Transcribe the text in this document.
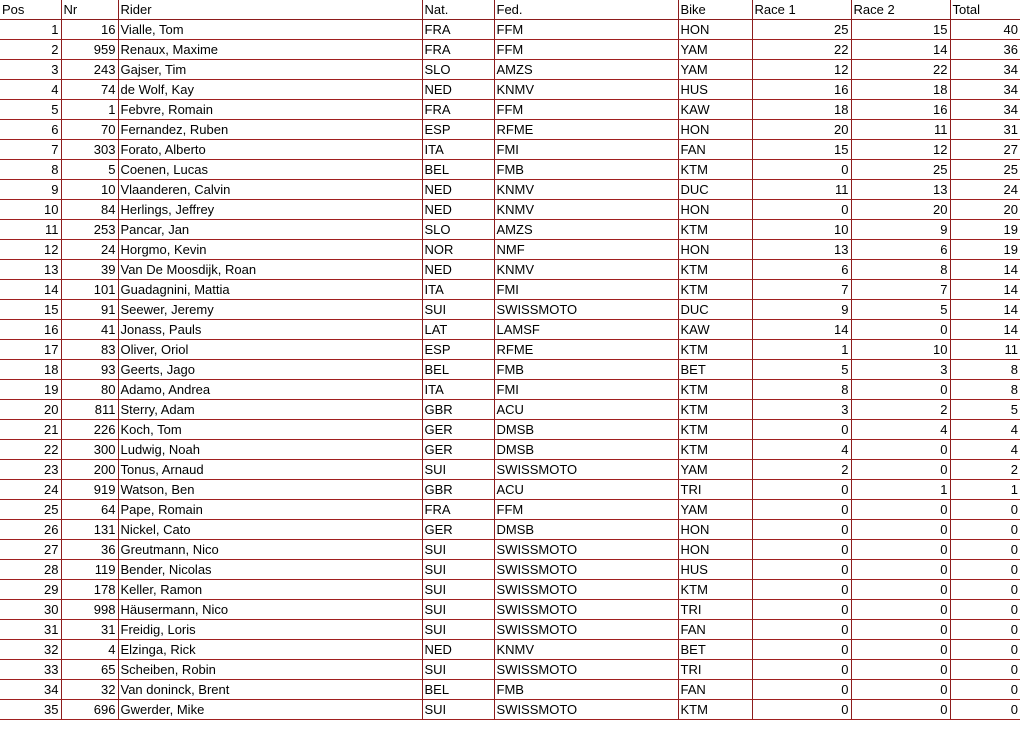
Pos	Nr	Rider	Nat.	Fed.	Bike	Race 1	Race 2	Total
1	16	Vialle, Tom	FRA	FFM	HON	25	15	40
2	959	Renaux, Maxime	FRA	FFM	YAM	22	14	36
3	243	Gajser, Tim	SLO	AMZS	YAM	12	22	34
4	74	de Wolf, Kay	NED	KNMV	HUS	16	18	34
5	1	Febvre, Romain	FRA	FFM	KAW	18	16	34
6	70	Fernandez, Ruben	ESP	RFME	HON	20	11	31
7	303	Forato, Alberto	ITA	FMI	FAN	15	12	27
8	5	Coenen, Lucas	BEL	FMB	KTM	0	25	25
9	10	Vlaanderen, Calvin	NED	KNMV	DUC	11	13	24
10	84	Herlings, Jeffrey	NED	KNMV	HON	0	20	20
11	253	Pancar, Jan	SLO	AMZS	KTM	10	9	19
12	24	Horgmo, Kevin	NOR	NMF	HON	13	6	19
13	39	Van De Moosdijk, Roan	NED	KNMV	KTM	6	8	14
14	101	Guadagnini, Mattia	ITA	FMI	KTM	7	7	14
15	91	Seewer, Jeremy	SUI	SWISSMOTO	DUC	9	5	14
16	41	Jonass, Pauls	LAT	LAMSF	KAW	14	0	14
17	83	Oliver, Oriol	ESP	RFME	KTM	1	10	11
18	93	Geerts, Jago	BEL	FMB	BET	5	3	8
19	80	Adamo, Andrea	ITA	FMI	KTM	8	0	8
20	811	Sterry, Adam	GBR	ACU	KTM	3	2	5
21	226	Koch, Tom	GER	DMSB	KTM	0	4	4
22	300	Ludwig, Noah	GER	DMSB	KTM	4	0	4
23	200	Tonus, Arnaud	SUI	SWISSMOTO	YAM	2	0	2
24	919	Watson, Ben	GBR	ACU	TRI	0	1	1
25	64	Pape, Romain	FRA	FFM	YAM	0	0	0
26	131	Nickel, Cato	GER	DMSB	HON	0	0	0
27	36	Greutmann, Nico	SUI	SWISSMOTO	HON	0	0	0
28	119	Bender, Nicolas	SUI	SWISSMOTO	HUS	0	0	0
29	178	Keller, Ramon	SUI	SWISSMOTO	KTM	0	0	0
30	998	Häusermann, Nico	SUI	SWISSMOTO	TRI	0	0	0
31	31	Freidig, Loris	SUI	SWISSMOTO	FAN	0	0	0
32	4	Elzinga, Rick	NED	KNMV	BET	0	0	0
33	65	Scheiben, Robin	SUI	SWISSMOTO	TRI	0	0	0
34	32	Van doninck, Brent	BEL	FMB	FAN	0	0	0
35	696	Gwerder, Mike	SUI	SWISSMOTO	KTM	0	0	0
